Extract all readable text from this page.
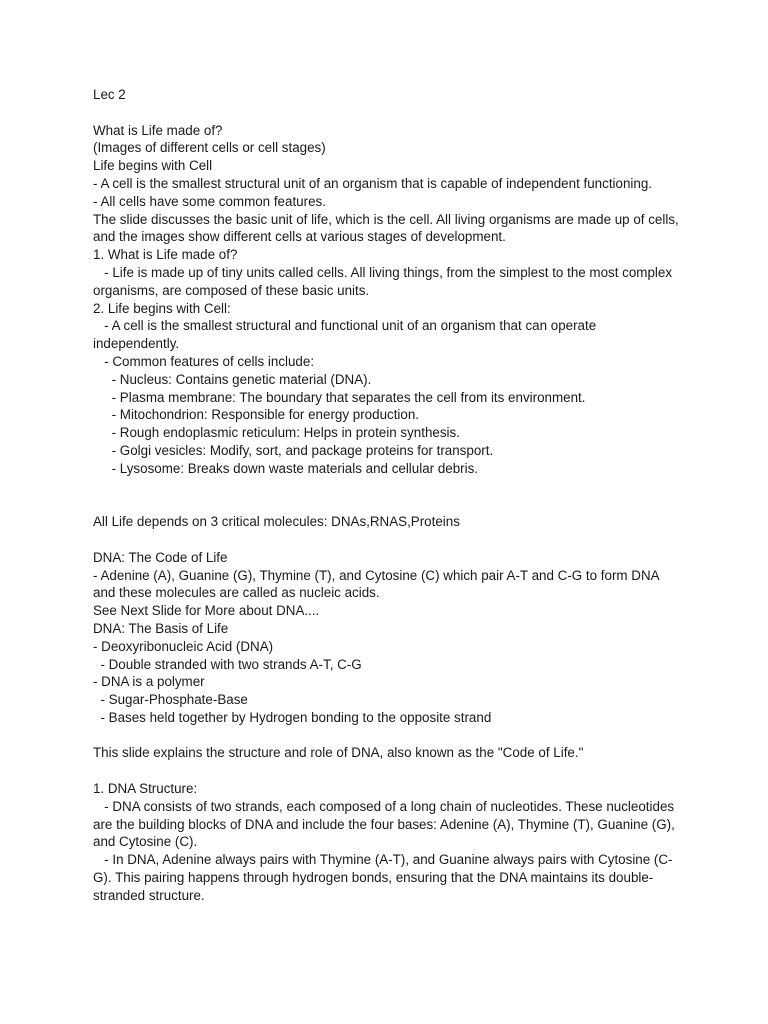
Lec 2

What is Life made of?

(Images of different cells or cell stages)

Life begins with Cell

- A cell is the smallest structural unit of an organism that is capable of independent functioning.

- All cells have some common features.

The slide discusses the basic unit of life, which is the cell. All living organisms are made up of cells, and the images show different cells at various stages of development.

1. What is Life made of?

- Life is made up of tiny units called cells. All living things, from the simplest to the most complex organisms, are composed of these basic units.

2. Life begins with Cell:

- A cell is the smallest structural and functional unit of an organism that can operate independently.

- Common features of cells include:

- Nucleus: Contains genetic material (DNA).

- Plasma membrane: The boundary that separates the cell from its environment.

- Mitochondrion: Responsible for energy production.

- Rough endoplasmic reticulum: Helps in protein synthesis.

- Golgi vesicles: Modify, sort, and package proteins for transport.

- Lysosome: Breaks down waste materials and cellular debris.

All Life depends on 3 critical molecules: DNAs,RNAS,Proteins

DNA: The Code of Life

- Adenine (A), Guanine (G), Thymine (T), and Cytosine (C) which pair A-T and C-G to form DNA and these molecules are called as nucleic acids.

See Next Slide for More about DNA....

DNA: The Basis of Life

- Deoxyribonucleic Acid (DNA)

- Double stranded with two strands A-T, C-G

- DNA is a polymer

- Sugar-Phosphate-Base

- Bases held together by Hydrogen bonding to the opposite strand

This slide explains the structure and role of DNA, also known as the "Code of Life."

1. DNA Structure:

- DNA consists of two strands, each composed of a long chain of nucleotides. These nucleotides are the building blocks of DNA and include the four bases: Adenine (A), Thymine (T), Guanine (G), and Cytosine (C).

- In DNA, Adenine always pairs with Thymine (A-T), and Guanine always pairs with Cytosine (C-G). This pairing happens through hydrogen bonds, ensuring that the DNA maintains its double-stranded structure.
